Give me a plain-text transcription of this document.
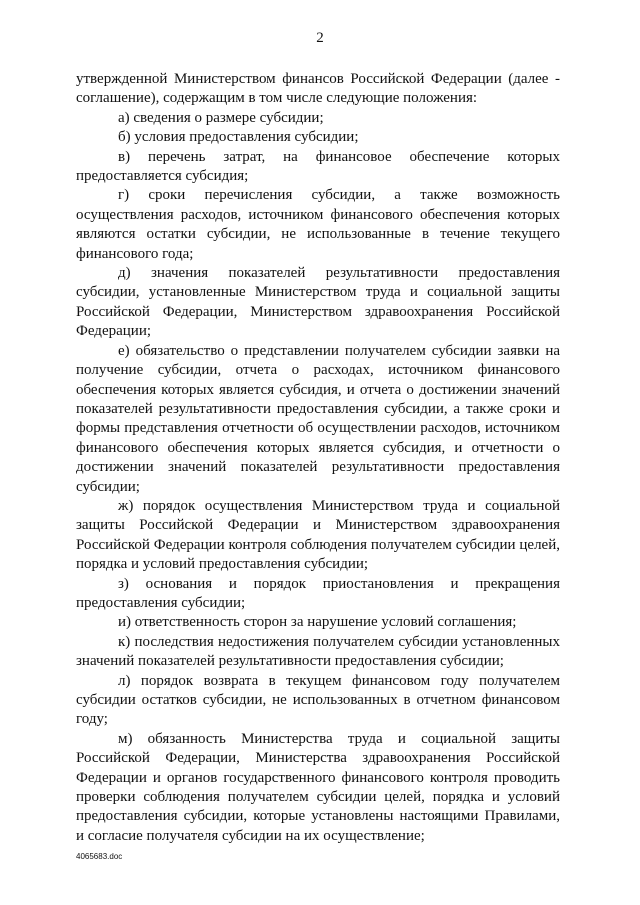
2

утвержденной Министерством финансов Российской Федерации (далее - соглашение), содержащим в том числе следующие положения:

а) сведения о размере субсидии;

б) условия предоставления субсидии;

в) перечень затрат, на финансовое обеспечение которых предоставляется субсидия;

г) сроки перечисления субсидии, а также возможность осуществления расходов, источником финансового обеспечения которых являются остатки субсидии, не использованные в течение текущего финансового года;

д) значения показателей результативности предоставления субсидии, установленные Министерством труда и социальной защиты Российской Федерации, Министерством здравоохранения Российской Федерации;

е) обязательство о представлении получателем субсидии заявки на получение субсидии, отчета о расходах, источником финансового обеспечения которых является субсидия, и отчета о достижении значений показателей результативности предоставления субсидии, а также сроки и формы представления отчетности об осуществлении расходов, источником финансового обеспечения которых является субсидия, и отчетности о достижении значений показателей результативности предоставления субсидии;

ж) порядок осуществления Министерством труда и социальной защиты Российской Федерации и Министерством здравоохранения Российской Федерации контроля соблюдения получателем субсидии целей, порядка и условий предоставления субсидии;

з) основания и порядок приостановления и прекращения предоставления субсидии;

и) ответственность сторон за нарушение условий соглашения;

к) последствия недостижения получателем субсидии установленных значений показателей результативности предоставления субсидии;

л) порядок возврата в текущем финансовом году получателем субсидии остатков субсидии, не использованных в отчетном финансовом году;

м) обязанность Министерства труда и социальной защиты Российской Федерации, Министерства здравоохранения Российской Федерации и органов государственного финансового контроля проводить проверки соблюдения получателем субсидии целей, порядка и условий предоставления субсидии, которые установлены настоящими Правилами, и согласие получателя субсидии на их осуществление;

4065683.doc
